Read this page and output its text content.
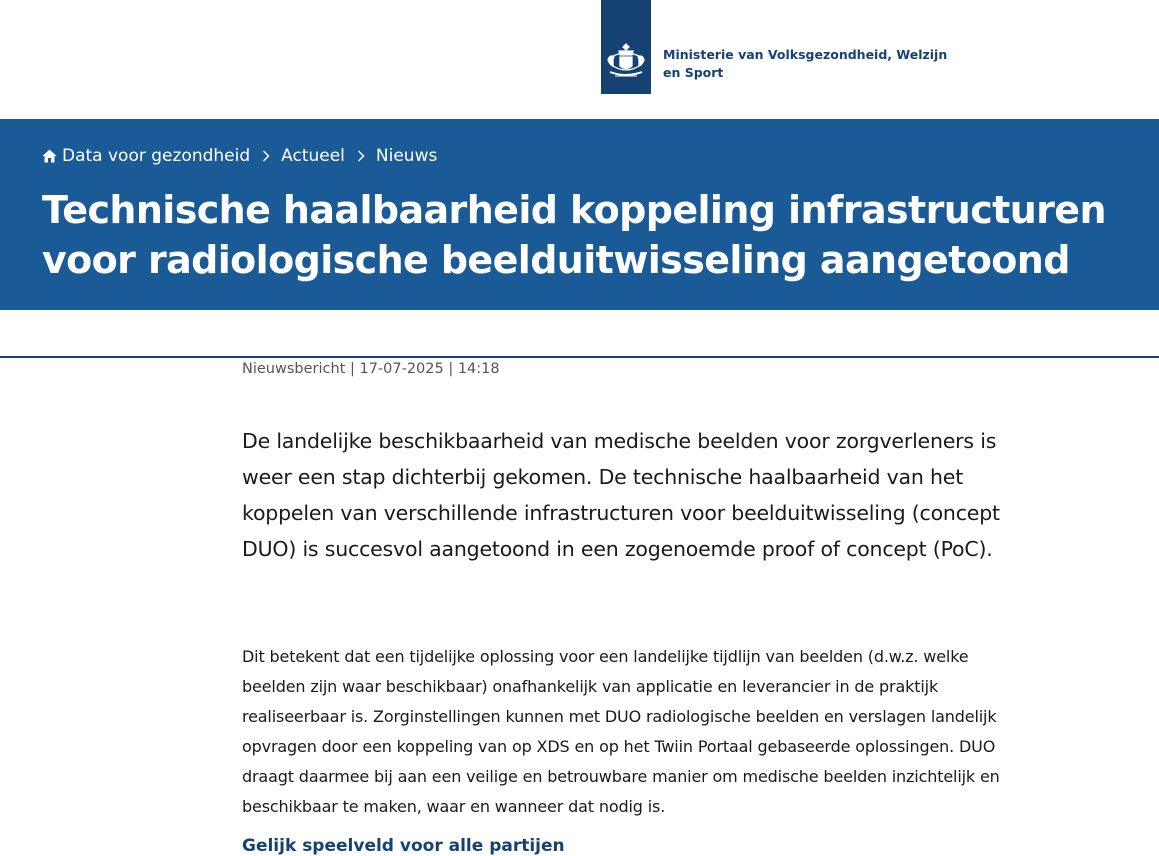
Ministerie van Volksgezondheid, Welzijn en Sport
Data voor gezondheid Actueel Nieuws
Technische haalbaarheid koppeling infrastructuren voor radiologische beelduitwisseling aangetoond
Nieuwsbericht | 17-07-2025 | 14:18

De landelijke beschikbaarheid van medische beelden voor zorgverleners is weer een stap dichterbij gekomen. De technische haalbaarheid van het koppelen van verschillende infrastructuren voor beelduitwisseling (concept DUO) is succesvol aangetoond in een zogenoemde proof of concept (PoC).

Dit betekent dat een tijdelijke oplossing voor een landelijke tijdlijn van beelden (d.w.z. welke beelden zijn waar beschikbaar) onafhankelijk van applicatie en leverancier in de praktijk realiseerbaar is. Zorginstellingen kunnen met DUO radiologische beelden en verslagen landelijk opvragen door een koppeling van op XDS en op het Twiin Portaal gebaseerde oplossingen. DUO draagt daarmee bij aan een veilige en betrouwbare manier om medische beelden inzichtelijk en beschikbaar te maken, waar en wanneer dat nodig is.

Gelijk speelveld voor alle partijen
